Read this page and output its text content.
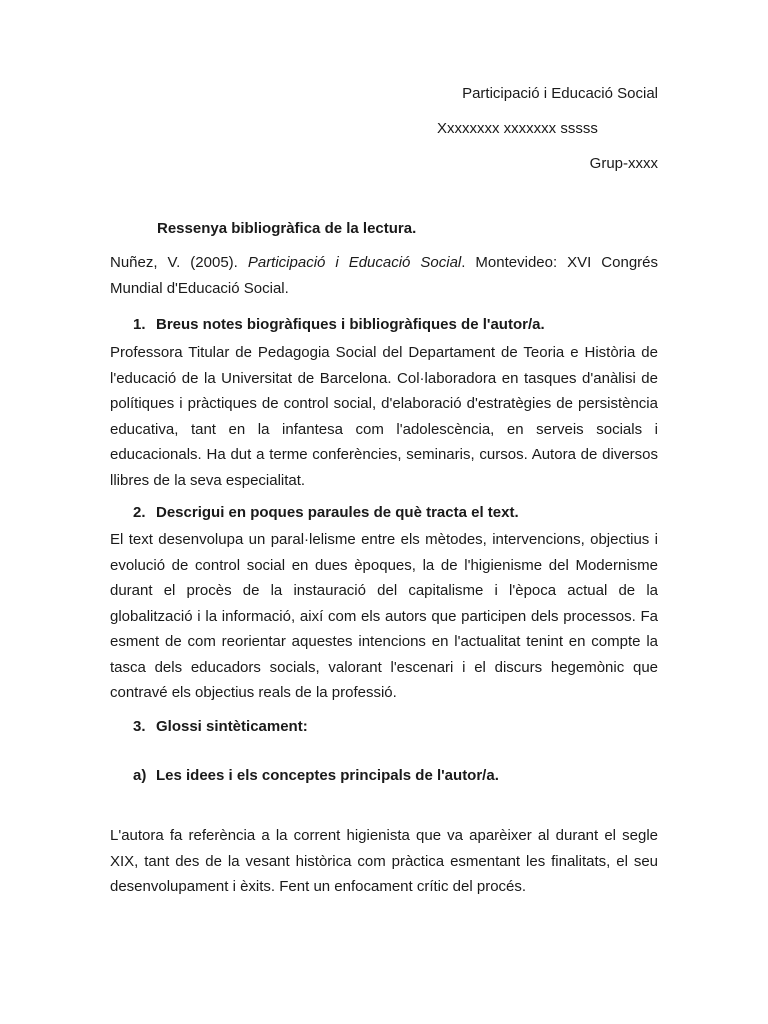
Participació i Educació Social
Xxxxxxxx xxxxxxx sssss
Grup-xxxx
Ressenya bibliogràfica de la lectura.

Nuñez, V. (2005). Participació i Educació Social. Montevideo: XVI Congrés Mundial d'Educació Social.

1. Breus notes biogràfiques i bibliogràfiques de l'autor/a.

Professora Titular de Pedagogia Social del Departament de Teoria e Història de l'educació de la Universitat de Barcelona. Col·laboradora en tasques d'anàlisi de polítiques i pràctiques de control social, d'elaboració d'estratègies de persistència educativa, tant en la infantesa com l'adolescència, en serveis socials i educacionals. Ha dut a terme conferències, seminaris, cursos. Autora de diversos llibres de la seva especialitat.

2. Descrigui en poques paraules de què tracta el text.

El text desenvolupa un paral·lelisme entre els mètodes, intervencions, objectius i evolució de control social en dues èpoques, la de l'higienisme del Modernisme durant el procès de la instauració del capitalisme i l'època actual de la globalització i la informació, així com els autors que participen dels processos. Fa esment de com reorientar aquestes intencions en l'actualitat tenint en compte la tasca dels educadors socials, valorant l'escenari i el discurs hegemònic que contravé els objectius reals de la professió.

3. Glossi sintèticament:
a) Les idees i els conceptes principals de l'autor/a.

L'autora fa referència a la corrent higienista que va aparèixer al durant el segle XIX, tant des de la vesant històrica com pràctica esmentant les finalitats, el seu desenvolupament i èxits. Fent un enfocament crític del procés.
